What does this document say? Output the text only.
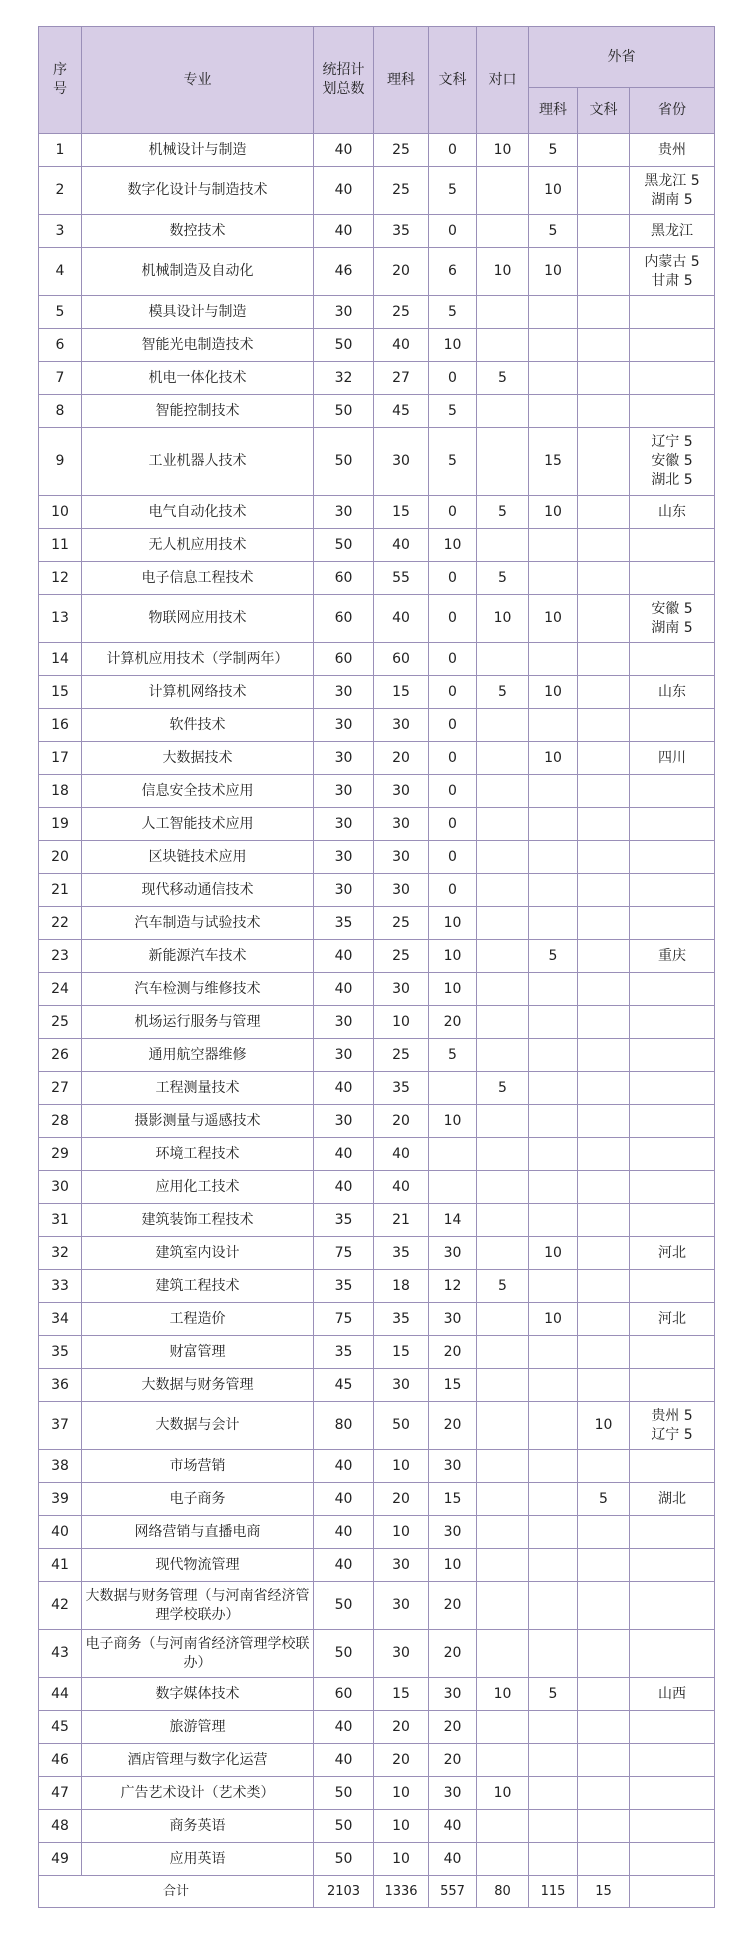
序
号	专业	统招计
划总数	理科	文科	对口	外省		
						理科	文科	省份
1	机械设计与制造	40	25	0	10	5		贵州
2	数字化设计与制造技术	40	25	5		10		黑龙江 5
湖南 5
3	数控技术	40	35	0		5		黑龙江
4	机械制造及自动化	46	20	6	10	10		内蒙古 5
甘肃 5
5	模具设计与制造	30	25	5				
6	智能光电制造技术	50	40	10				
7	机电一体化技术	32	27	0	5			
8	智能控制技术	50	45	5				
9	工业机器人技术	50	30	5		15		辽宁 5
安徽 5
湖北 5
10	电气自动化技术	30	15	0	5	10		山东
11	无人机应用技术	50	40	10				
12	电子信息工程技术	60	55	0	5			
13	物联网应用技术	60	40	0	10	10		安徽 5
湖南 5
14	计算机应用技术（学制两年）	60	60	0				
15	计算机网络技术	30	15	0	5	10		山东
16	软件技术	30	30	0				
17	大数据技术	30	20	0		10		四川
18	信息安全技术应用	30	30	0				
19	人工智能技术应用	30	30	0				
20	区块链技术应用	30	30	0				
21	现代移动通信技术	30	30	0				
22	汽车制造与试验技术	35	25	10				
23	新能源汽车技术	40	25	10		5		重庆
24	汽车检测与维修技术	40	30	10				
25	机场运行服务与管理	30	10	20				
26	通用航空器维修	30	25	5				
27	工程测量技术	40	35		5			
28	摄影测量与遥感技术	30	20	10				
29	环境工程技术	40	40					
30	应用化工技术	40	40					
31	建筑装饰工程技术	35	21	14				
32	建筑室内设计	75	35	30		10		河北
33	建筑工程技术	35	18	12	5			
34	工程造价	75	35	30		10		河北
35	财富管理	35	15	20				
36	大数据与财务管理	45	30	15				
37	大数据与会计	80	50	20			10	贵州 5
辽宁 5
38	市场营销	40	10	30				
39	电子商务	40	20	15			5	湖北
40	网络营销与直播电商	40	10	30				
41	现代物流管理	40	30	10				
42	大数据与财务管理（与河南省经济管理学校联办）	50	30	20				
43	电子商务（与河南省经济管理学校联办）	50	30	20				
44	数字媒体技术	60	15	30	10	5		山西
45	旅游管理	40	20	20				
46	酒店管理与数字化运营	40	20	20				
47	广告艺术设计（艺术类）	50	10	30	10			
48	商务英语	50	10	40				
49	应用英语	50	10	40				
合计		2103	1336	557	80	115	15	
